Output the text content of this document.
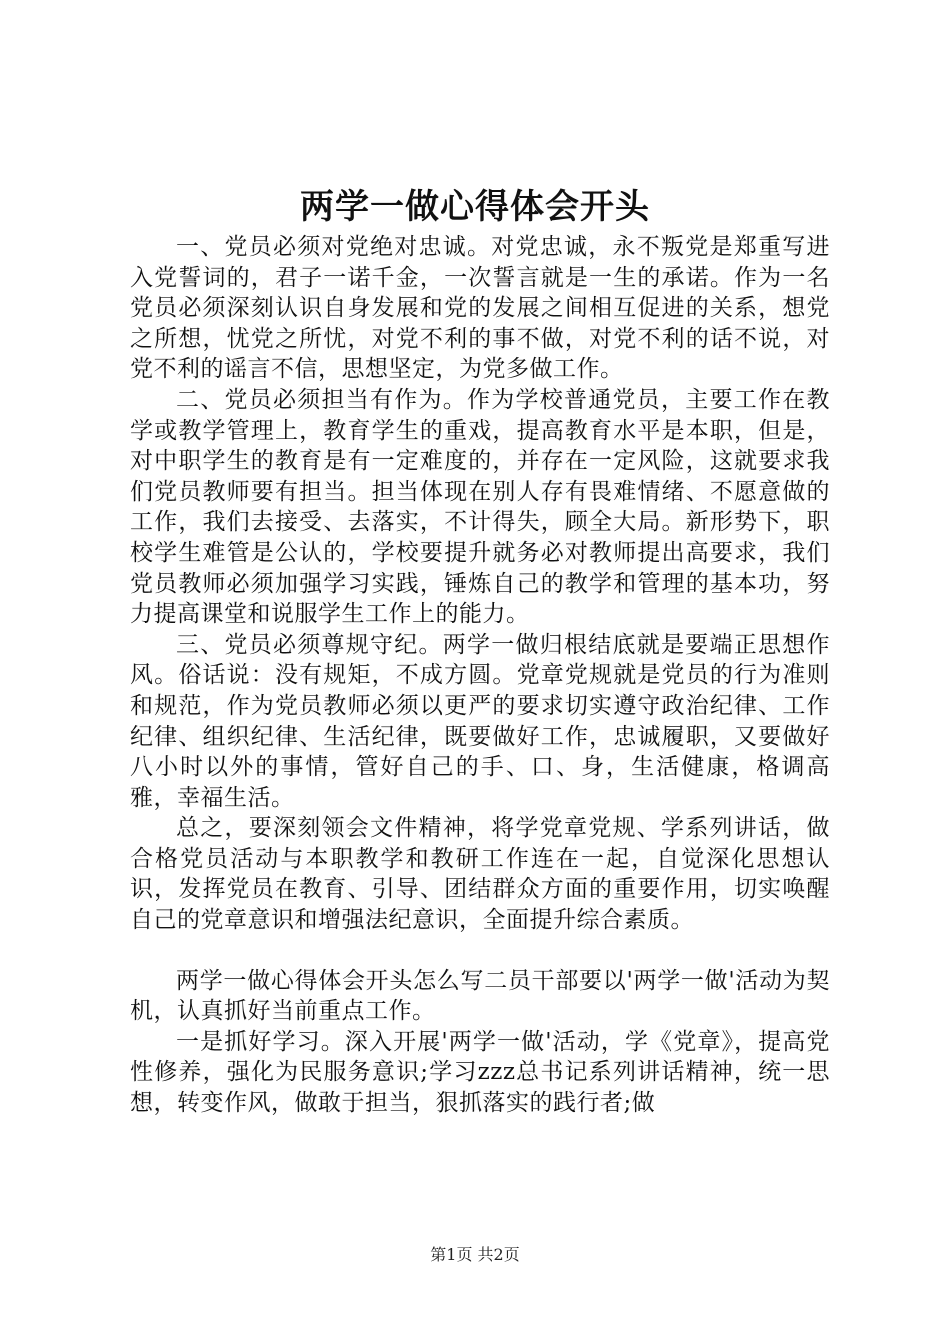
两学一做心得体会开头

一、党员必须对党绝对忠诚。对党忠诚，永不叛党是郑重写进入党誓词的，君子一诺千金，一次誓言就是一生的承诺。作为一名党员必须深刻认识自身发展和党的发展之间相互促进的关系，想党之所想，忧党之所忧，对党不利的事不做，对党不利的话不说，对党不利的谣言不信，思想坚定，为党多做工作。

二、党员必须担当有作为。作为学校普通党员，主要工作在教学或教学管理上，教育学生的重戏，提高教育水平是本职，但是，对中职学生的教育是有一定难度的，并存在一定风险，这就要求我们党员教师要有担当。担当体现在别人存有畏难情绪、不愿意做的工作，我们去接受、去落实，不计得失，顾全大局。新形势下，职校学生难管是公认的，学校要提升就务必对教师提出高要求，我们党员教师必须加强学习实践，锤炼自己的教学和管理的基本功，努力提高课堂和说服学生工作上的能力。

三、党员必须尊规守纪。两学一做归根结底就是要端正思想作风。俗话说：没有规矩，不成方圆。党章党规就是党员的行为准则和规范，作为党员教师必须以更严的要求切实遵守政治纪律、工作纪律、组织纪律、生活纪律，既要做好工作，忠诚履职，又要做好八小时以外的事情，管好自己的手、口、身，生活健康，格调高雅，幸福生活。

总之，要深刻领会文件精神，将学党章党规、学系列讲话，做合格党员活动与本职教学和教研工作连在一起，自觉深化思想认识，发挥党员在教育、引导、团结群众方面的重要作用，切实唤醒自己的党章意识和增强法纪意识，全面提升综合素质。

两学一做心得体会开头怎么写二员干部要以'两学一做'活动为契机，认真抓好当前重点工作。

一是抓好学习。深入开展'两学一做'活动，学《党章》，提高党性修养，强化为民服务意识;学习zzz总书记系列讲话精神，统一思想，转变作风，做敢于担当，狠抓落实的践行者;做

第1页 共2页
